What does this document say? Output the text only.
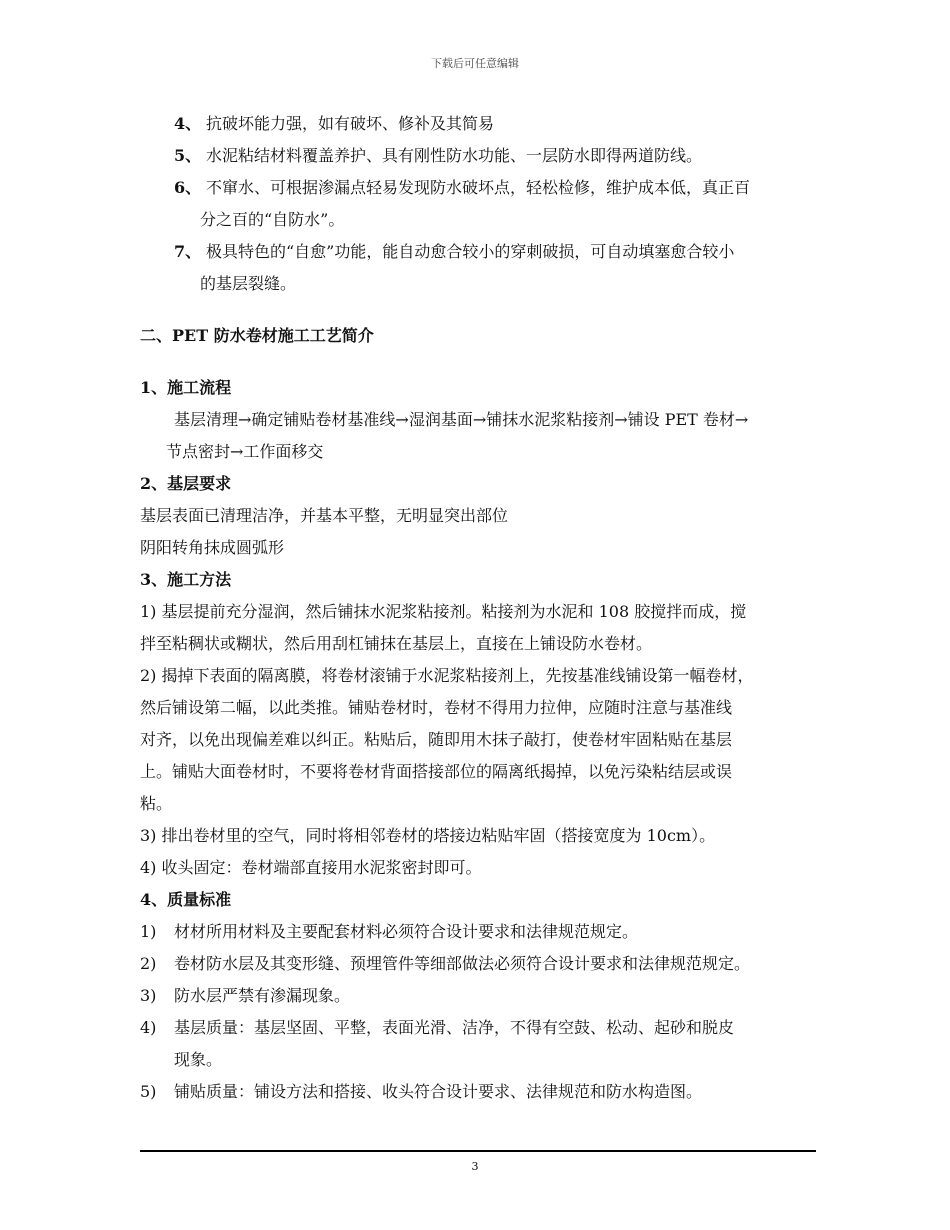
下载后可任意编辑
4、 抗破坏能力强，如有破坏、修补及其简易
5、 水泥粘结材料覆盖养护、具有刚性防水功能、一层防水即得两道防线。
6、 不窜水、可根据渗漏点轻易发现防水破坏点，轻松检修，维护成本低，真正百
分之百的“自防水”。
7、 极具特色的“自愈”功能，能自动愈合较小的穿刺破损，可自动填塞愈合较小
的基层裂缝。
二、PET 防水卷材施工工艺简介
1、施工流程
基层清理→确定铺贴卷材基准线→湿润基面→铺抹水泥浆粘接剂→铺设 PET 卷材→
节点密封→工作面移交
2、基层要求
基层表面已清理洁净，并基本平整，无明显突出部位
阴阳转角抹成圆弧形
3、施工方法
1) 基层提前充分湿润，然后铺抹水泥浆粘接剂。粘接剂为水泥和 108 胶搅拌而成，搅
拌至粘稠状或糊状，然后用刮杠铺抹在基层上，直接在上铺设防水卷材。
2) 揭掉下表面的隔离膜，将卷材滚铺于水泥浆粘接剂上，先按基准线铺设第一幅卷材，
然后铺设第二幅，以此类推。铺贴卷材时，卷材不得用力拉伸，应随时注意与基准线
对齐，以免出现偏差难以纠正。粘贴后，随即用木抹子敲打，使卷材牢固粘贴在基层
上。铺贴大面卷材时，不要将卷材背面搭接部位的隔离纸揭掉，以免污染粘结层或误
粘。
3) 排出卷材里的空气，同时将相邻卷材的塔接边粘贴牢固（搭接宽度为 10cm）。
4) 收头固定：卷材端部直接用水泥浆密封即可。
4、质量标准
1) 材材所用材料及主要配套材料必须符合设计要求和法律规范规定。
2) 卷材防水层及其变形缝、预埋管件等细部做法必须符合设计要求和法律规范规定。
3) 防水层严禁有渗漏现象。
4) 基层质量：基层坚固、平整，表面光滑、洁净，不得有空鼓、松动、起砂和脱皮
现象。
5) 铺贴质量：铺设方法和搭接、收头符合设计要求、法律规范和防水构造图。
3
